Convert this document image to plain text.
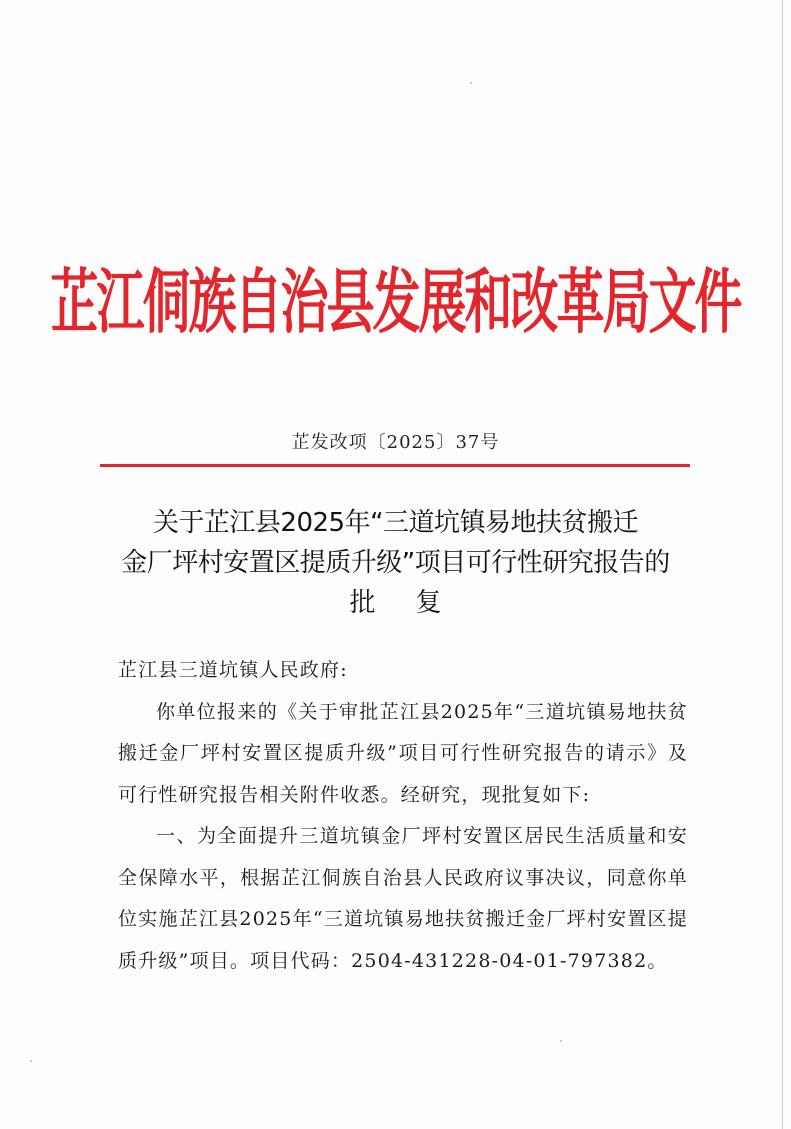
芷江侗族自治县发展和改革局文件
芷发改项〔2025〕37号
关于芷江县2025年“三道坑镇易地扶贫搬迁
金厂坪村安置区提质升级”项目可行性研究报告的
批复

芷江县三道坑镇人民政府:

你单位报来的《关于审批芷江县2025年“三道坑镇易地扶贫搬迁金厂坪村安置区提质升级”项目可行性研究报告的请示》及可行性研究报告相关附件收悉。经研究，现批复如下:

一、为全面提升三道坑镇金厂坪村安置区居民生活质量和安全保障水平，根据芷江侗族自治县人民政府议事决议，同意你单位实施芷江县2025年“三道坑镇易地扶贫搬迁金厂坪村安置区提质升级”项目。项目代码：2504-431228-04-01-797382。
